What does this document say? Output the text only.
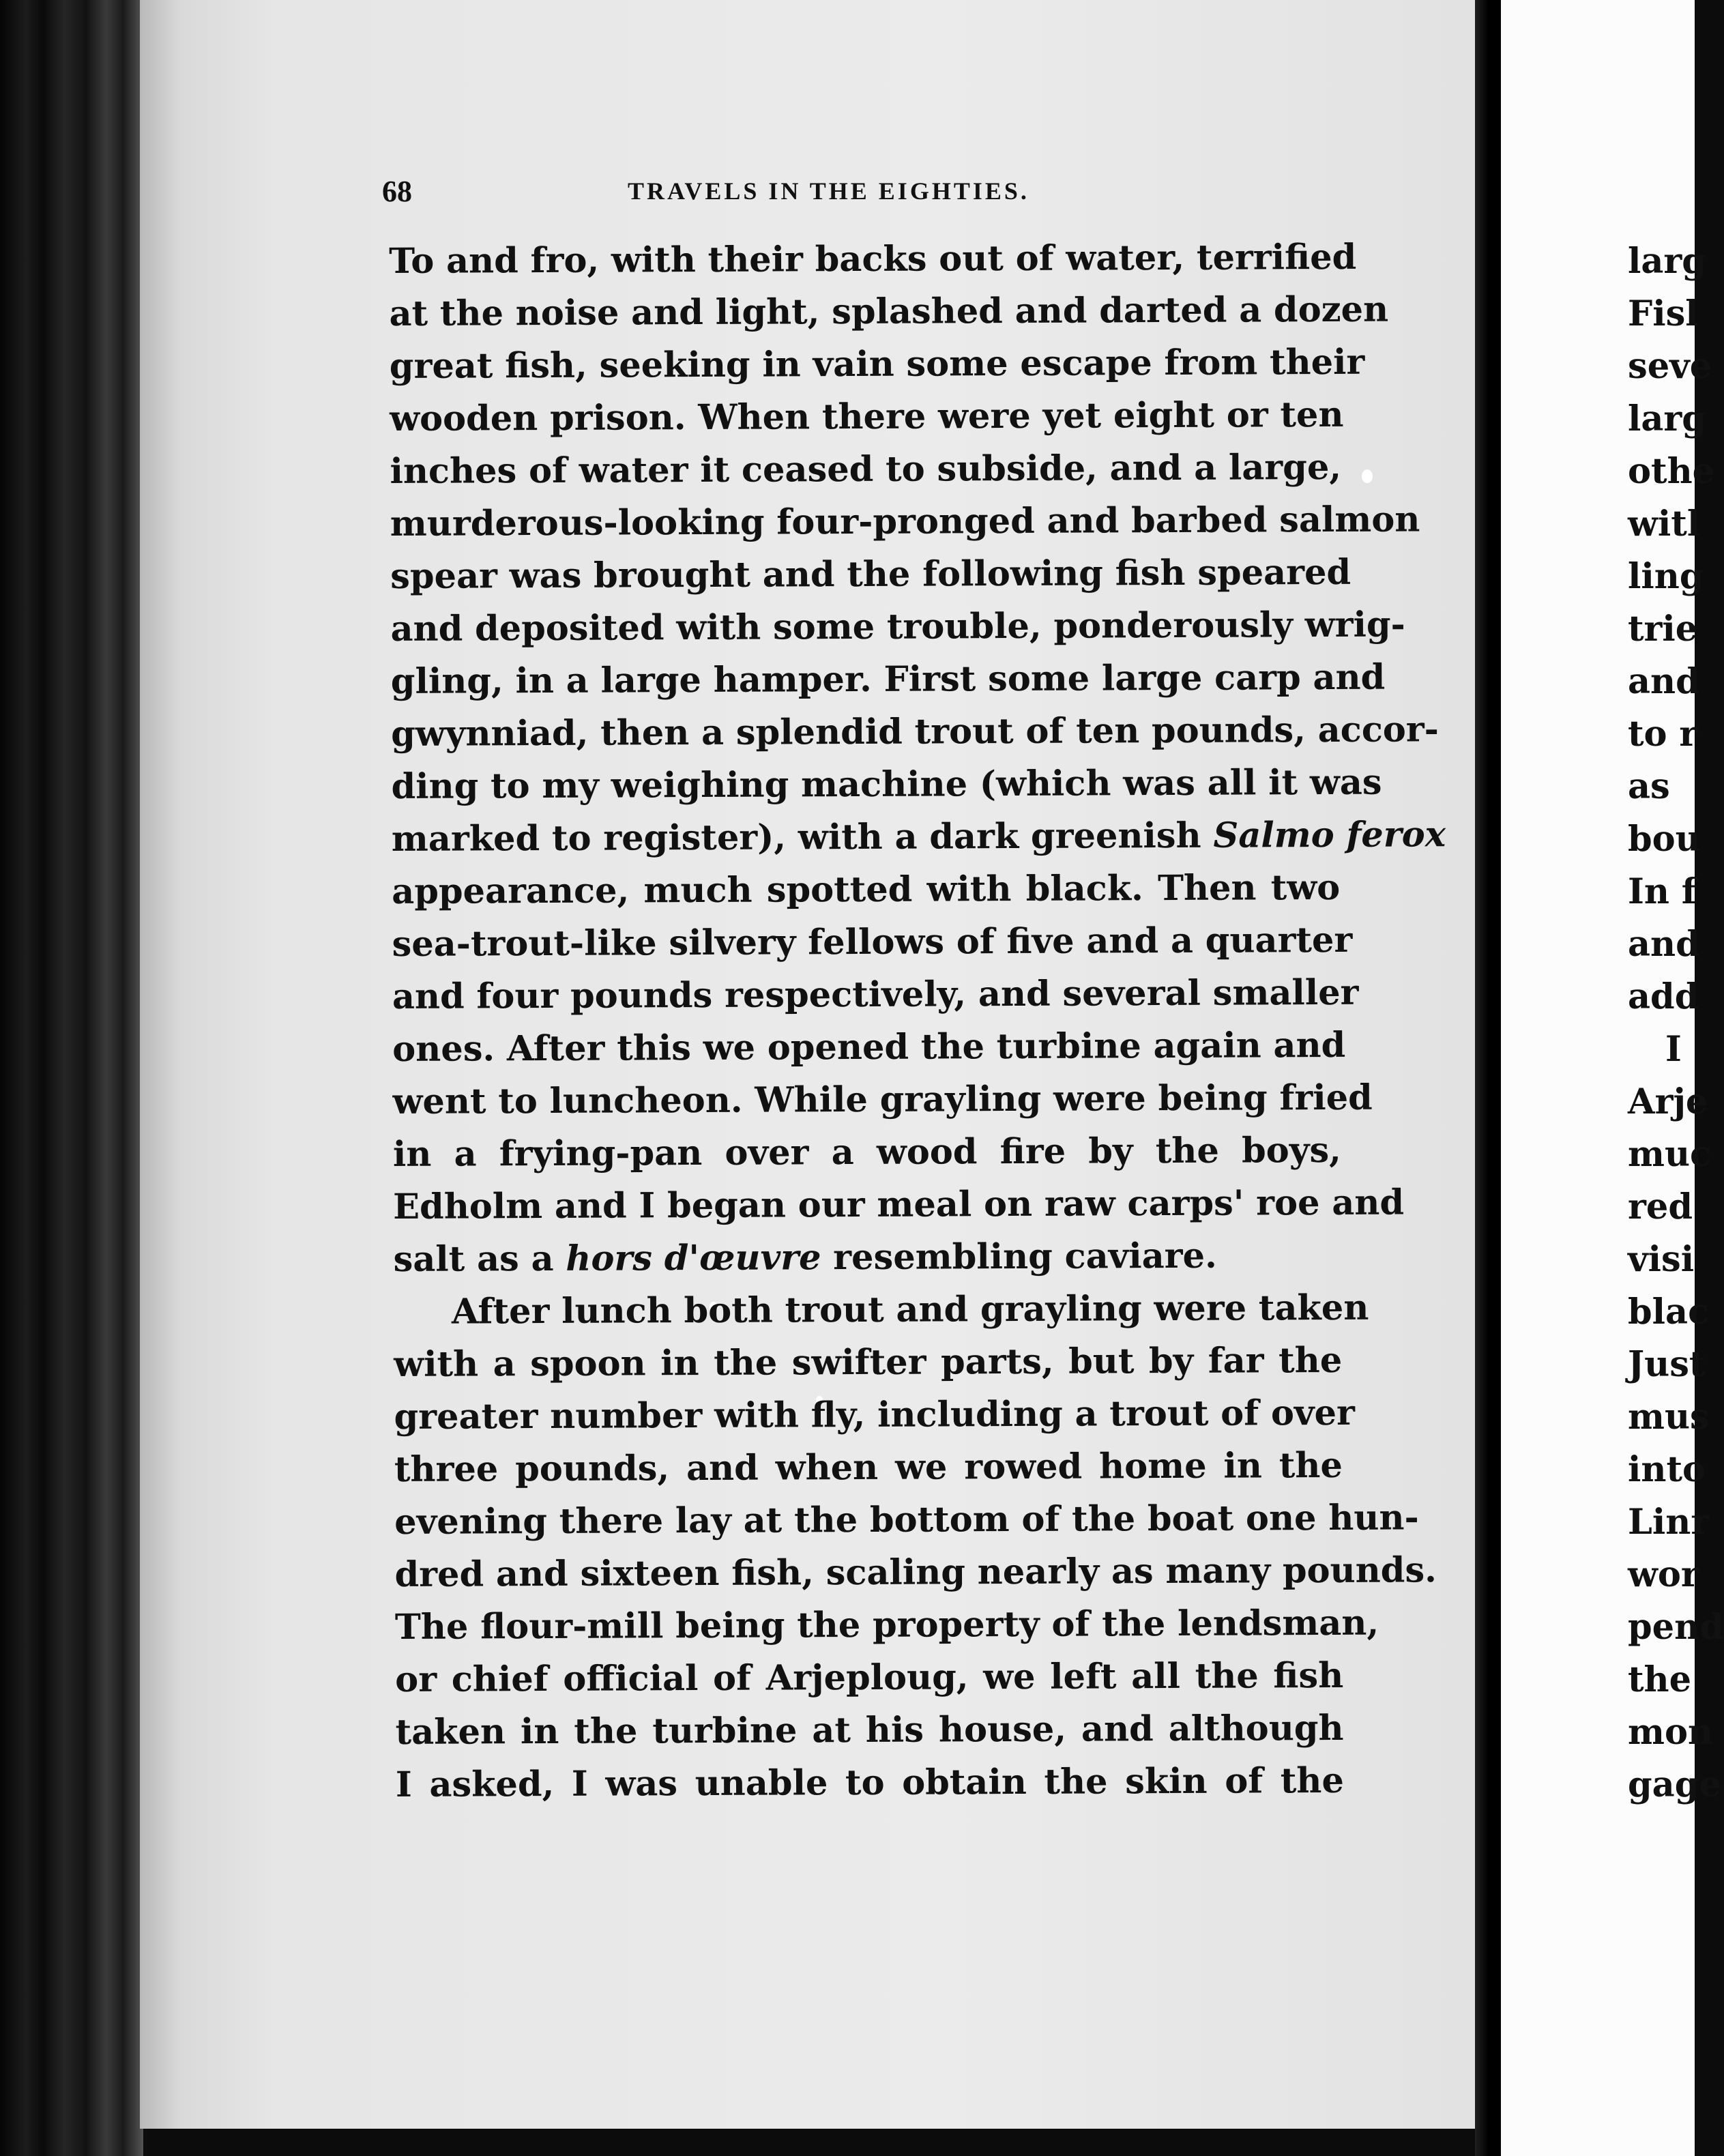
68	TRAVELS IN THE EIGHTIES.
To and fro, with their backs out of water, terrified
at the noise and light, splashed and darted a dozen
great fish, seeking in vain some escape from their
wooden prison. When there were yet eight or ten
inches of water it ceased to subside, and a large,
murderous-looking four-pronged and barbed salmon
spear was brought and the following fish speared
and deposited with some trouble, ponderously wrig-
gling, in a large hamper. First some large carp and
gwynniad, then a splendid trout of ten pounds, accor-
ding to my weighing machine (which was all it was
marked to register), with a dark greenish Salmo ferox
appearance, much spotted with black. Then two
sea-trout-like silvery fellows of five and a quarter
and four pounds respectively, and several smaller
ones. After this we opened the turbine again and
went to luncheon. While grayling were being fried
in a frying-pan over a wood fire by the boys,
Edholm and I began our meal on raw carps' roe and
salt as a hors d'œuvre resembling caviare.
After lunch both trout and grayling were taken
with a spoon in the swifter parts, but by far the
greater number with fly, including a trout of over
three pounds, and when we rowed home in the
evening there lay at the bottom of the boat one hun-
dred and sixteen fish, scaling nearly as many pounds.
The flour-mill being the property of the lendsman,
or chief official of Arjeploug, we left all the fish
taken in the turbine at his house, and although
I asked, I was unable to obtain the skin of the
larg
Fisl
seve
larg
othe
witl
ling
trie
and
to r
as
bou
In f
and
add
I
Arje
muc
red
visi
blac
Just
mus
into
Linr
wor
pend
the
mon
gage
